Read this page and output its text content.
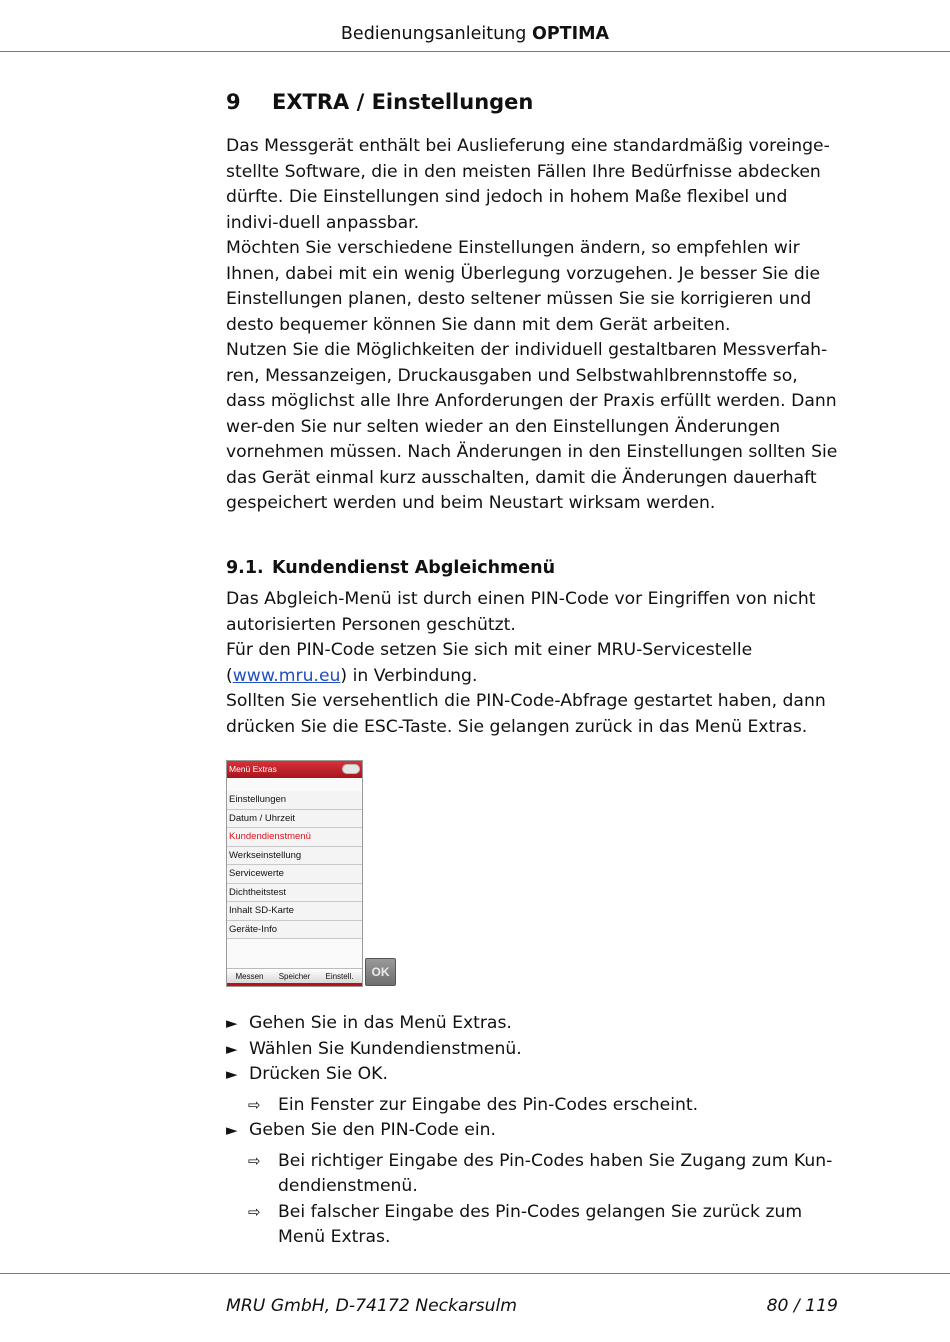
Bedienungsanleitung OPTIMA
9 EXTRA / Einstellungen

Das Messgerät enthält bei Auslieferung eine standardmäßig voreinge-stellte Software, die in den meisten Fällen Ihre Bedürfnisse abdecken dürfte. Die Einstellungen sind jedoch in hohem Maße flexibel und indivi-duell anpassbar.

Möchten Sie verschiedene Einstellungen ändern, so empfehlen wir Ihnen, dabei mit ein wenig Überlegung vorzugehen. Je besser Sie die Einstellungen planen, desto seltener müssen Sie sie korrigieren und desto bequemer können Sie dann mit dem Gerät arbeiten.

Nutzen Sie die Möglichkeiten der individuell gestaltbaren Messverfah-ren, Messanzeigen, Druckausgaben und Selbstwahlbrennstoffe so, dass möglichst alle Ihre Anforderungen der Praxis erfüllt werden. Dann wer-den Sie nur selten wieder an den Einstellungen Änderungen vornehmen müssen. Nach Änderungen in den Einstellungen sollten Sie das Gerät einmal kurz ausschalten, damit die Änderungen dauerhaft gespeichert werden und beim Neustart wirksam werden.

9.1. Kundendienst Abgleichmenü

Das Abgleich-Menü ist durch einen PIN-Code vor Eingriffen von nicht autorisierten Personen geschützt.

Für den PIN-Code setzen Sie sich mit einer MRU-Servicestelle (www.mru.eu) in Verbindung.

Sollten Sie versehentlich die PIN-Code-Abfrage gestartet haben, dann drücken Sie die ESC-Taste. Sie gelangen zurück in das Menü Extras.

Menü Extras
Einstellungen
Datum / Uhrzeit
Kundendienstmenü
Werkseinstellung
Servicewerte
Dichtheitstest
Inhalt SD-Karte
Geräte-Info
Messen	Speicher	Einstell.	OK
► Gehen Sie in das Menü Extras.
► Wählen Sie Kundendienstmenü.
► Drücken Sie OK.
⇨ Ein Fenster zur Eingabe des Pin-Codes erscheint.
► Geben Sie den PIN-Code ein.
⇨ Bei richtiger Eingabe des Pin-Codes haben Sie Zugang zum Kun-dendienstmenü.
⇨ Bei falscher Eingabe des Pin-Codes gelangen Sie zurück zum Menü Extras.
MRU GmbH, D-74172 Neckarsulm	80 / 119
